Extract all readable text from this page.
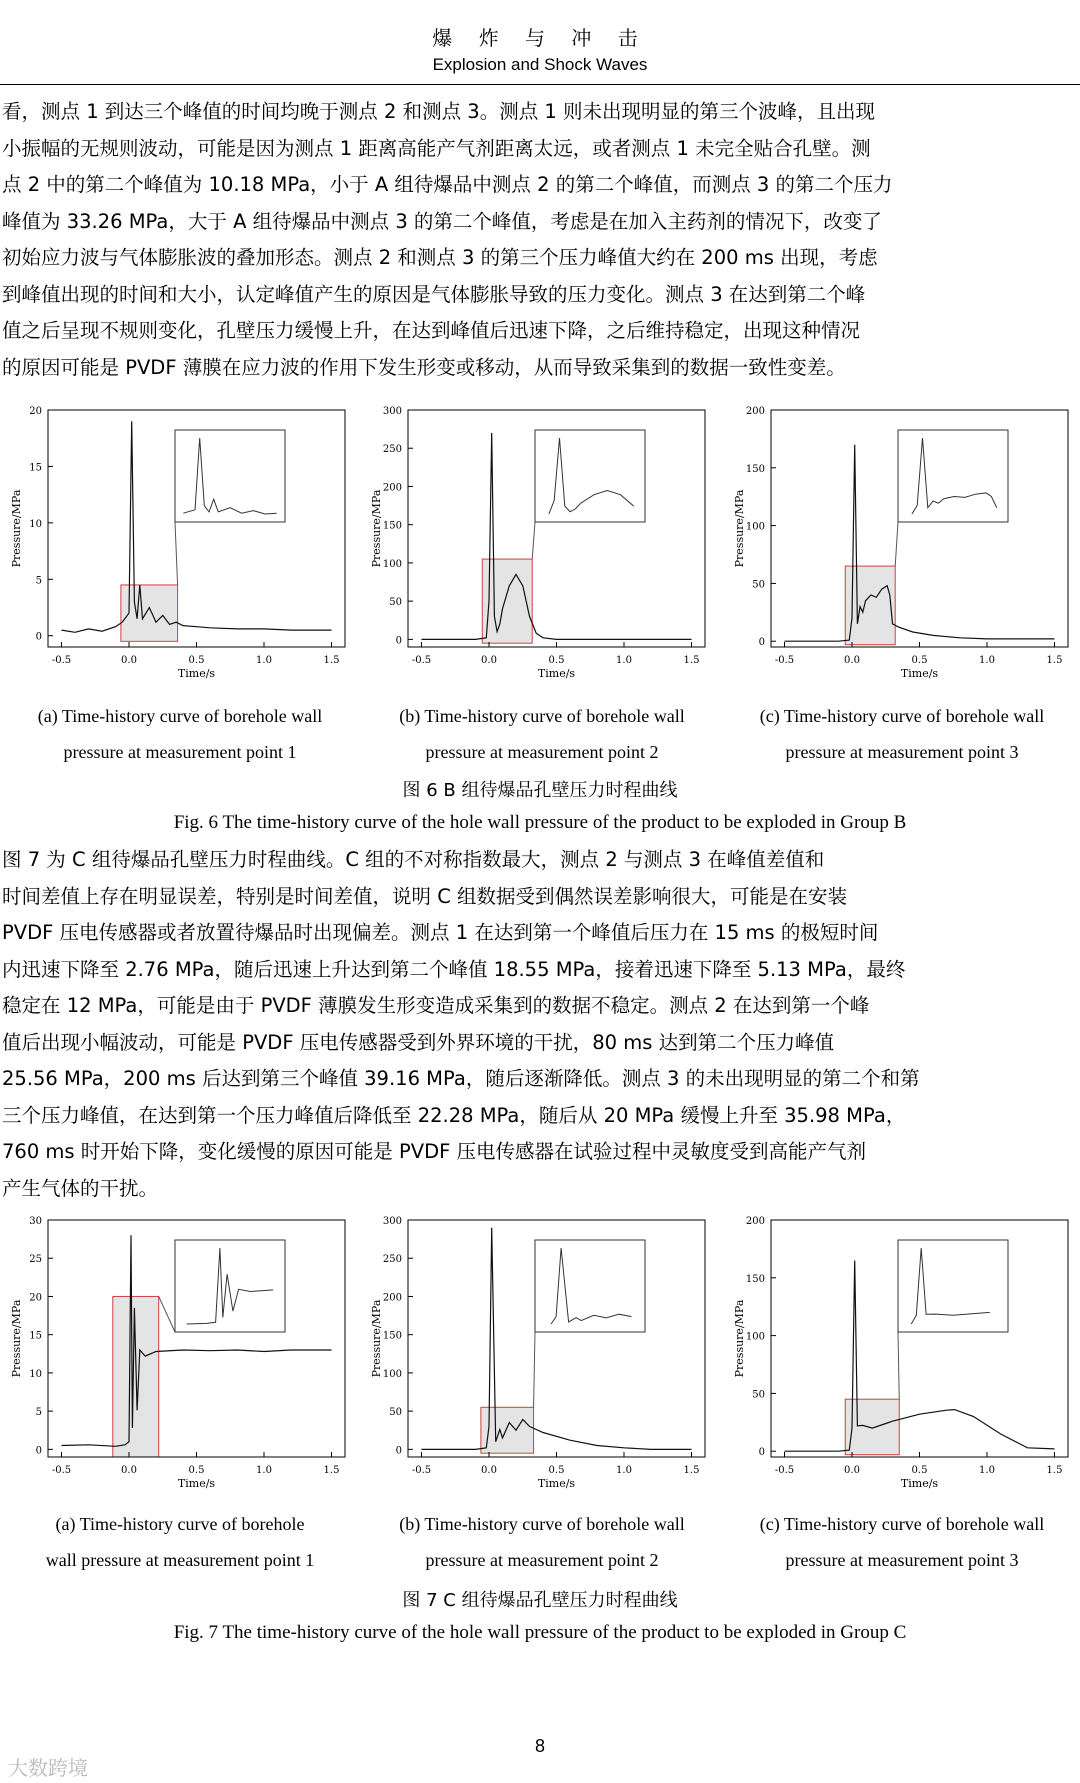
爆 炸 与 冲 击
Explosion and Shock Waves
看，测点 1 到达三个峰值的时间均晚于测点 2 和测点 3。测点 1 则未出现明显的第三个波峰，且出现
小振幅的无规则波动，可能是因为测点 1 距离高能产气剂距离太远，或者测点 1 未完全贴合孔壁。测
点 2 中的第二个峰值为 10.18 MPa，小于 A 组待爆品中测点 2 的第二个峰值，而测点 3 的第二个压力
峰值为 33.26 MPa，大于 A 组待爆品中测点 3 的第二个峰值，考虑是在加入主药剂的情况下，改变了
初始应力波与气体膨胀波的叠加形态。测点 2 和测点 3 的第三个压力峰值大约在 200 ms 出现，考虑
到峰值出现的时间和大小，认定峰值产生的原因是气体膨胀导致的压力变化。测点 3 在达到第二个峰
值之后呈现不规则变化，孔壁压力缓慢上升，在达到峰值后迅速下降，之后维持稳定，出现这种情况
的原因可能是 PVDF 薄膜在应力波的作用下发生形变或移动，从而导致采集到的数据一致性变差。
-0.5	0.0	0.5	1.0	1.5
0
5
10
15
20
Time/s
Pressure/MPa
-0.5	0.0	0.5	1.0	1.5
0
50
100
150
200
250
300
Time/s
Pressure/MPa
-0.5	0.0	0.5	1.0	1.5
0
50
100
150
200
Time/s
Pressure/MPa
(a) Time-history curve of borehole wall
pressure at measurement point 1
(b) Time-history curve of borehole wall
pressure at measurement point 2
(c) Time-history curve of borehole wall
pressure at measurement point 3
图 6 B 组待爆品孔壁压力时程曲线
Fig. 6 The time-history curve of the hole wall pressure of the product to be exploded in Group B
图 7 为 C 组待爆品孔壁压力时程曲线。C 组的不对称指数最大，测点 2 与测点 3 在峰值差值和
时间差值上存在明显误差，特别是时间差值，说明 C 组数据受到偶然误差影响很大，可能是在安装
PVDF 压电传感器或者放置待爆品时出现偏差。测点 1 在达到第一个峰值后压力在 15 ms 的极短时间
内迅速下降至 2.76 MPa，随后迅速上升达到第二个峰值 18.55 MPa，接着迅速下降至 5.13 MPa，最终
稳定在 12 MPa，可能是由于 PVDF 薄膜发生形变造成采集到的数据不稳定。测点 2 在达到第一个峰
值后出现小幅波动，可能是 PVDF 压电传感器受到外界环境的干扰，80 ms 达到第二个压力峰值
25.56 MPa，200 ms 后达到第三个峰值 39.16 MPa，随后逐渐降低。测点 3 的未出现明显的第二个和第
三个压力峰值，在达到第一个压力峰值后降低至 22.28 MPa，随后从 20 MPa 缓慢上升至 35.98 MPa，
760 ms 时开始下降，变化缓慢的原因可能是 PVDF 压电传感器在试验过程中灵敏度受到高能产气剂
产生气体的干扰。
-0.5	0.0	0.5	1.0	1.5
0
5
10
15
20
25
30
Time/s
Pressure/MPa
-0.5	0.0	0.5	1.0	1.5
0
50
100
150
200
250
300
Time/s
Pressure/MPa
-0.5	0.0	0.5	1.0	1.5
0
50
100
150
200
Time/s
Pressure/MPa
(a) Time-history curve of borehole
wall pressure at measurement point 1
(b) Time-history curve of borehole wall
pressure at measurement point 2
(c) Time-history curve of borehole wall
pressure at measurement point 3
图 7 C 组待爆品孔壁压力时程曲线
Fig. 7 The time-history curve of the hole wall pressure of the product to be exploded in Group C
8
大数跨境
